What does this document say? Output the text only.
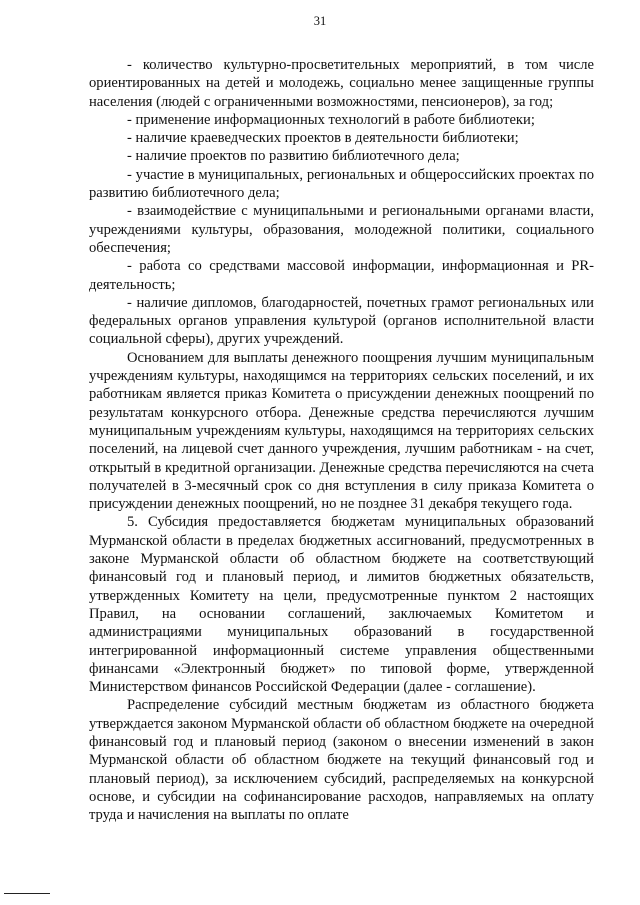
31

- количество культурно-просветительных мероприятий, в том числе ориентированных на детей и молодежь, социально менее защищенные группы населения (людей с ограниченными возможностями, пенсионеров), за год;

- применение информационных технологий в работе библиотеки;

- наличие краеведческих проектов в деятельности библиотеки;

- наличие проектов по развитию библиотечного дела;

- участие в муниципальных, региональных и общероссийских проектах по развитию библиотечного дела;

- взаимодействие с муниципальными и региональными органами власти, учреждениями культуры, образования, молодежной политики, социального обеспечения;

- работа со средствами массовой информации, информационная и PR-деятельность;

- наличие дипломов, благодарностей, почетных грамот региональных или федеральных органов управления культурой (органов исполнительной власти социальной сферы), других учреждений.

Основанием для выплаты денежного поощрения лучшим муниципальным учреждениям культуры, находящимся на территориях сельских поселений, и их работникам является приказ Комитета о присуждении денежных поощрений по результатам конкурсного отбора. Денежные средства перечисляются лучшим муниципальным учреждениям культуры, находящимся на территориях сельских поселений, на лицевой счет данного учреждения, лучшим работникам - на счет, открытый в кредитной организации. Денежные средства перечисляются на счета получателей в 3-месячный срок со дня вступления в силу приказа Комитета о присуждении денежных поощрений, но не позднее 31 декабря текущего года.

5. Субсидия предоставляется бюджетам муниципальных образований Мурманской области в пределах бюджетных ассигнований, предусмотренных в законе Мурманской области об областном бюджете на соответствующий финансовый год и плановый период, и лимитов бюджетных обязательств, утвержденных Комитету на цели, предусмотренные пунктом 2 настоящих Правил, на основании соглашений, заключаемых Комитетом и администрациями муниципальных образований в государственной интегрированной информационный системе управления общественными финансами «Электронный бюджет» по типовой форме, утвержденной Министерством финансов Российской Федерации (далее - соглашение).

Распределение субсидий местным бюджетам из областного бюджета утверждается законом Мурманской области об областном бюджете на очередной финансовый год и плановый период (законом о внесении изменений в закон Мурманской области об областном бюджете на текущий финансовый год и плановый период), за исключением субсидий, распределяемых на конкурсной основе, и субсидии на софинансирование расходов, направляемых на оплату труда и начисления на выплаты по оплате
